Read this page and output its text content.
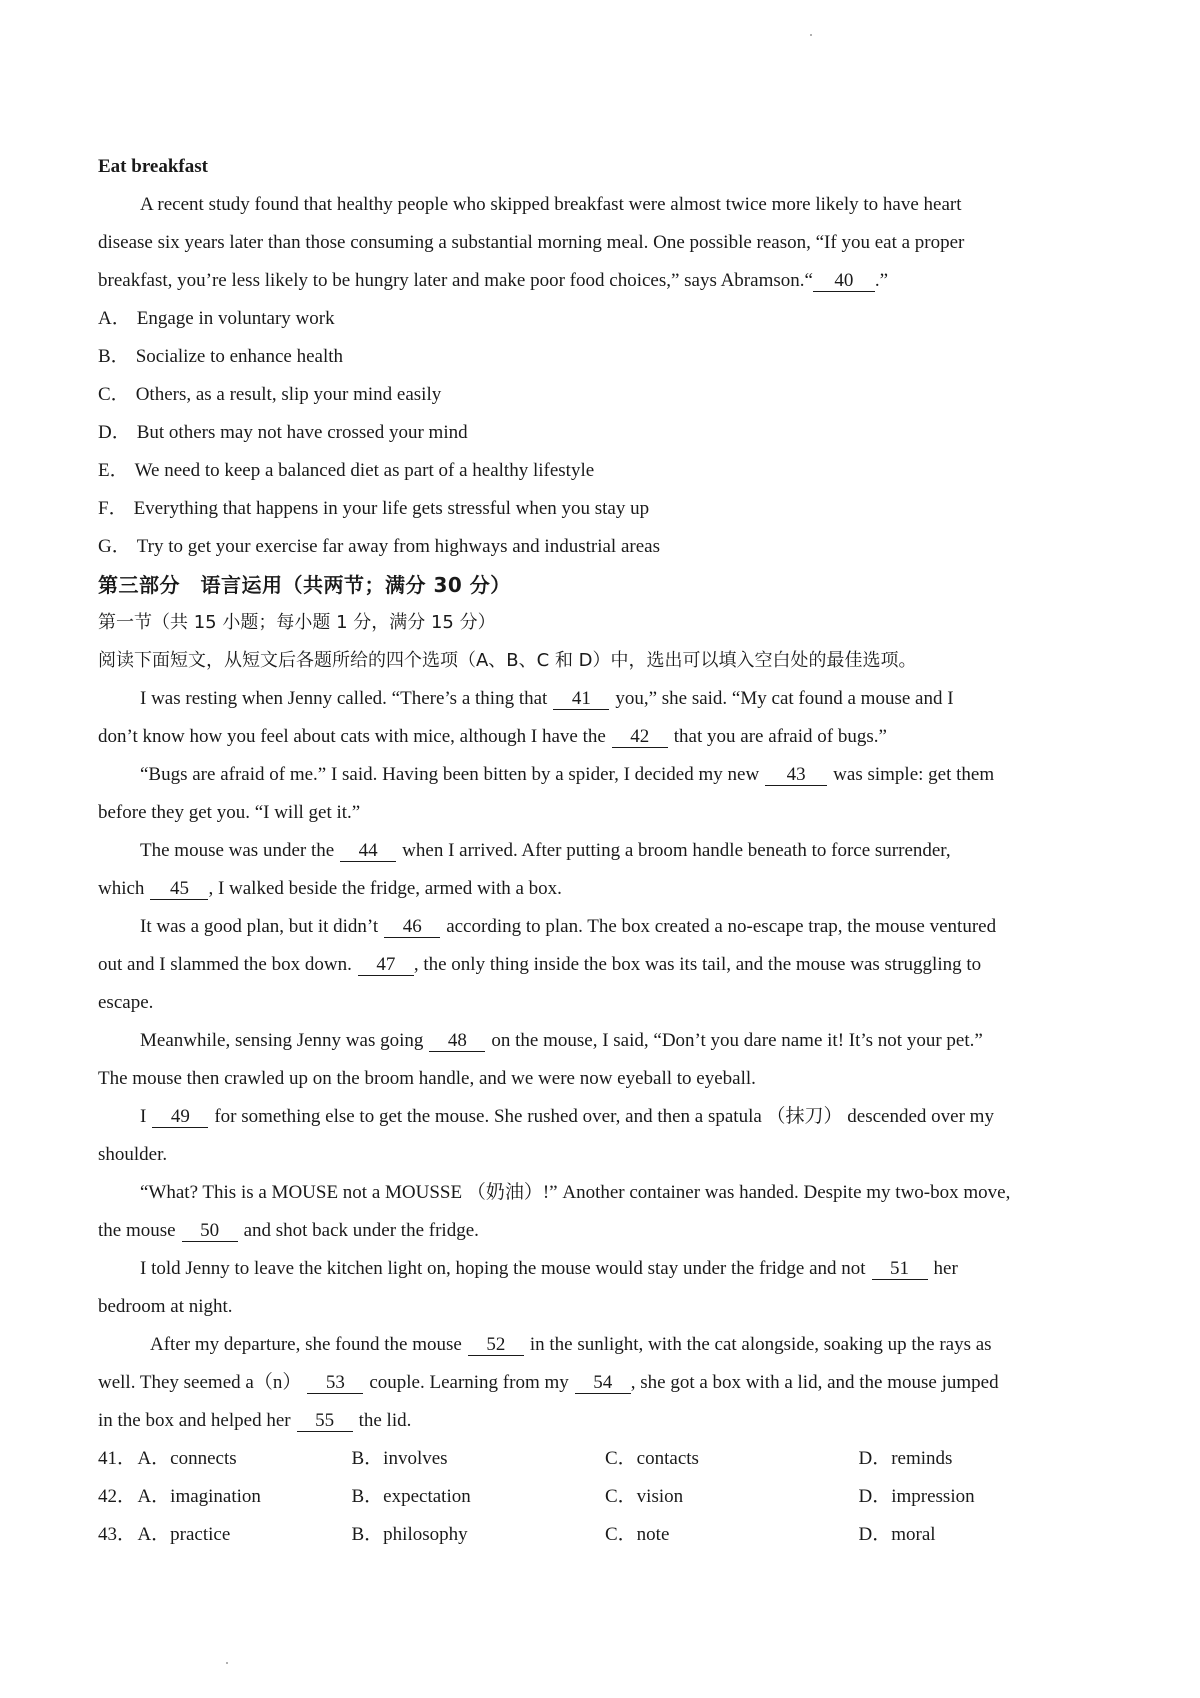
Eat breakfast
A recent study found that healthy people who skipped breakfast were almost twice more likely to have heart
disease six years later than those consuming a substantial morning meal. One possible reason, “If you eat a proper
breakfast, you’re less likely to be hungry later and make poor food choices,” says Abramson.“ 40 .”
A． Engage in voluntary work
B． Socialize to enhance health
C． Others, as a result, slip your mind easily
D． But others may not have crossed your mind
E． We need to keep a balanced diet as part of a healthy lifestyle
F． Everything that happens in your life gets stressful when you stay up
G． Try to get your exercise far away from highways and industrial areas
第三部分　语言运用（共两节；满分 30 分）
第一节（共 15 小题；每小题 1 分，满分 15 分）
阅读下面短文，从短文后各题所给的四个选项（A、B、C 和 D）中，选出可以填入空白处的最佳选项。
I was resting when Jenny called. “There’s a thing that 41 you,” she said. “My cat found a mouse and I
don’t know how you feel about cats with mice, although I have the 42 that you are afraid of bugs.”
“Bugs are afraid of me.” I said. Having been bitten by a spider, I decided my new 43 was simple: get them
before they get you. “I will get it.”
The mouse was under the 44 when I arrived. After putting a broom handle beneath to force surrender,
which 45 , I walked beside the fridge, armed with a box.
It was a good plan, but it didn’t 46 according to plan. The box created a no-escape trap, the mouse ventured
out and I slammed the box down. 47 , the only thing inside the box was its tail, and the mouse was struggling to
escape.
Meanwhile, sensing Jenny was going 48 on the mouse, I said, “Don’t you dare name it! It’s not your pet.”
The mouse then crawled up on the broom handle, and we were now eyeball to eyeball.
I 49 for something else to get the mouse. She rushed over, and then a spatula （抹刀） descended over my
shoulder.
“What? This is a MOUSE not a MOUSSE （奶油）!” Another container was handed. Despite my two-box move,
the mouse 50 and shot back under the fridge.
I told Jenny to leave the kitchen light on, hoping the mouse would stay under the fridge and not 51 her
bedroom at night.
After my departure, she found the mouse 52 in the sunlight, with the cat alongside, soaking up the rays as
well. They seemed a（n） 53 couple. Learning from my 54 , she got a box with a lid, and the mouse jumped
in the box and helped her 55 the lid.
41． A．connects	B．involves	C．contacts	D．reminds
42． A．imagination	B．expectation	C．vision	D．impression
43． A．practice	B．philosophy	C．note	D．moral
